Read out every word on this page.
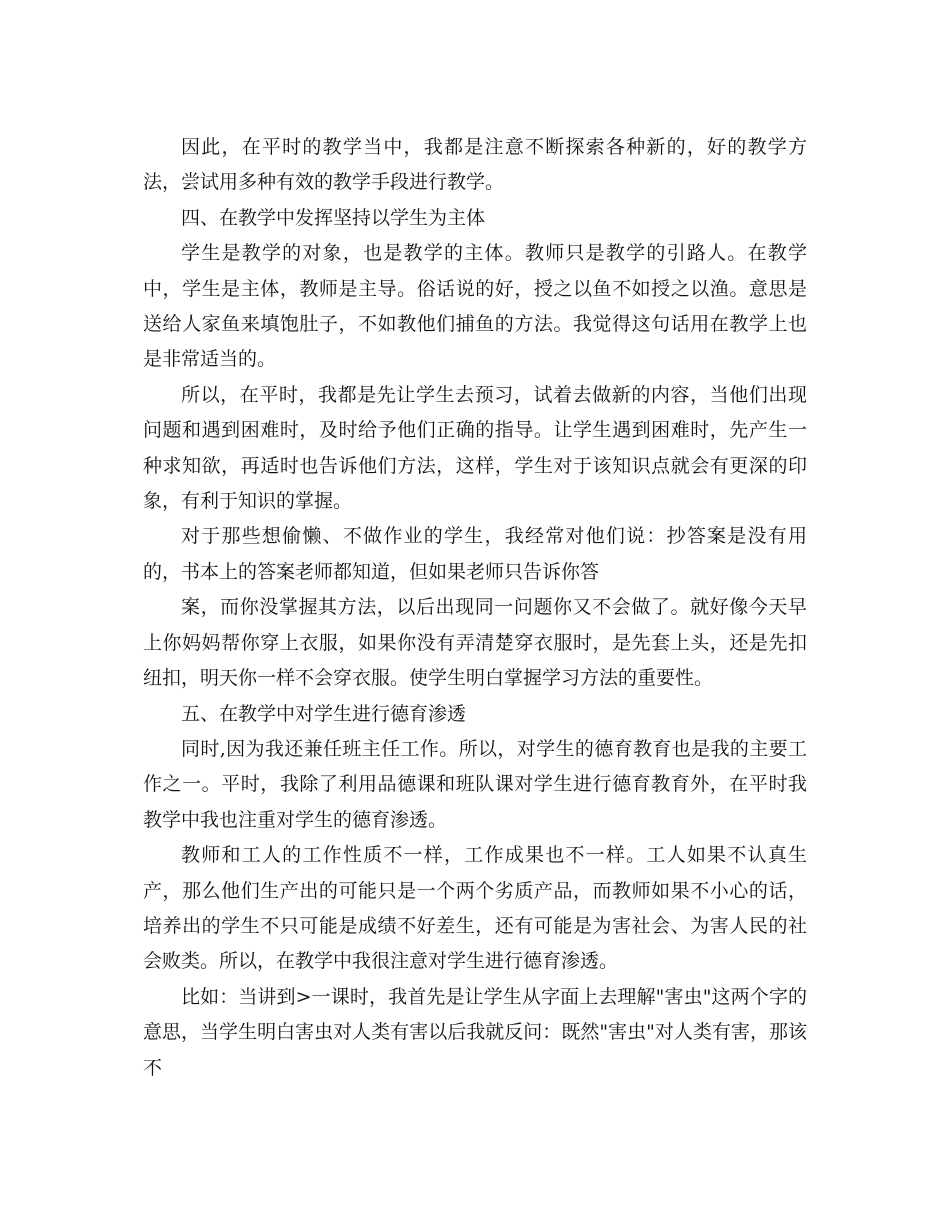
因此，在平时的教学当中，我都是注意不断探索各种新的，好的教学方法，尝试用多种有效的教学手段进行教学。

四、在教学中发挥坚持以学生为主体

学生是教学的对象，也是教学的主体。教师只是教学的引路人。在教学中，学生是主体，教师是主导。俗话说的好，授之以鱼不如授之以渔。意思是送给人家鱼来填饱肚子，不如教他们捕鱼的方法。我觉得这句话用在教学上也是非常适当的。

所以，在平时，我都是先让学生去预习，试着去做新的内容，当他们出现问题和遇到困难时，及时给予他们正确的指导。让学生遇到困难时，先产生一种求知欲，再适时也告诉他们方法，这样，学生对于该知识点就会有更深的印象，有利于知识的掌握。

对于那些想偷懒、不做作业的学生，我经常对他们说：抄答案是没有用的，书本上的答案老师都知道，但如果老师只告诉你答

案，而你没掌握其方法，以后出现同一问题你又不会做了。就好像今天早上你妈妈帮你穿上衣服，如果你没有弄清楚穿衣服时，是先套上头，还是先扣纽扣，明天你一样不会穿衣服。使学生明白掌握学习方法的重要性。

五、在教学中对学生进行德育渗透

同时,因为我还兼任班主任工作。所以，对学生的德育教育也是我的主要工作之一。平时，我除了利用品德课和班队课对学生进行德育教育外，在平时我教学中我也注重对学生的德育渗透。

教师和工人的工作性质不一样，工作成果也不一样。工人如果不认真生产，那么他们生产出的可能只是一个两个劣质产品，而教师如果不小心的话，培养出的学生不只可能是成绩不好差生，还有可能是为害社会、为害人民的社会败类。所以，在教学中我很注意对学生进行德育渗透。

比如：当讲到>一课时，我首先是让学生从字面上去理解"害虫"这两个字的意思，当学生明白害虫对人类有害以后我就反问：既然"害虫"对人类有害，那该不
